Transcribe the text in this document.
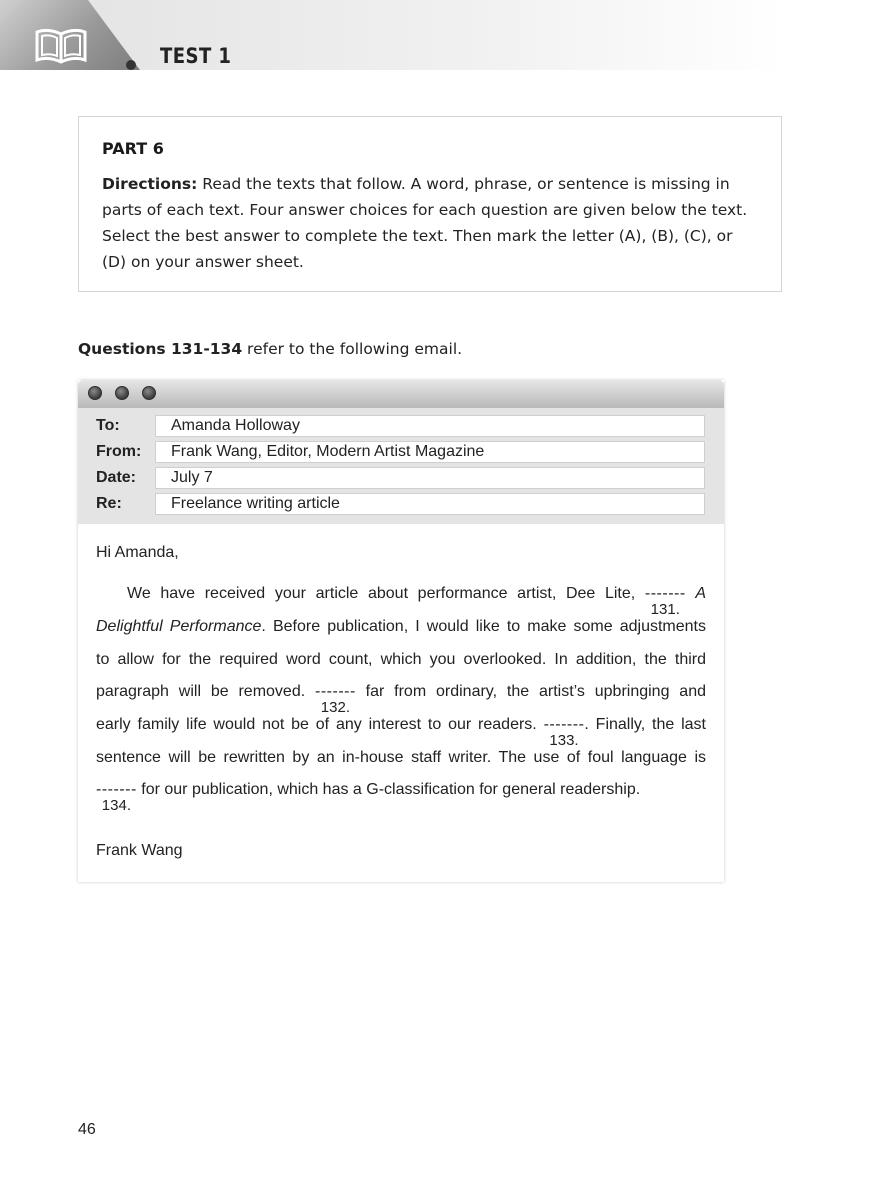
TEST 1
PART 6

Directions: Read the texts that follow. A word, phrase, or sentence is missing in parts of each text. Four answer choices for each question are given below the text. Select the best answer to complete the text. Then mark the letter (A), (B), (C), or (D) on your answer sheet.

Questions 131-134 refer to the following email.
To:	Amanda Holloway
From:	Frank Wang, Editor, Modern Artist Magazine
Date:	July 7
Re:	Freelance writing article
Hi Amanda,
We have received your article about performance artist, Dee Lite, -------
131.
A
Delightful Performance. Before publication, I would like to make some adjustments
to allow for the required word count, which you overlooked. In addition, the third
paragraph will be removed. -------
132.
far from ordinary, the artist’s upbringing and
early family life would not be of any interest to our readers. -------
133.
. Finally, the last
sentence will be rewritten by an in-house staff writer. The use of foul language is
-------
134.
for our publication, which has a G-classification for general readership.
Frank Wang
46
